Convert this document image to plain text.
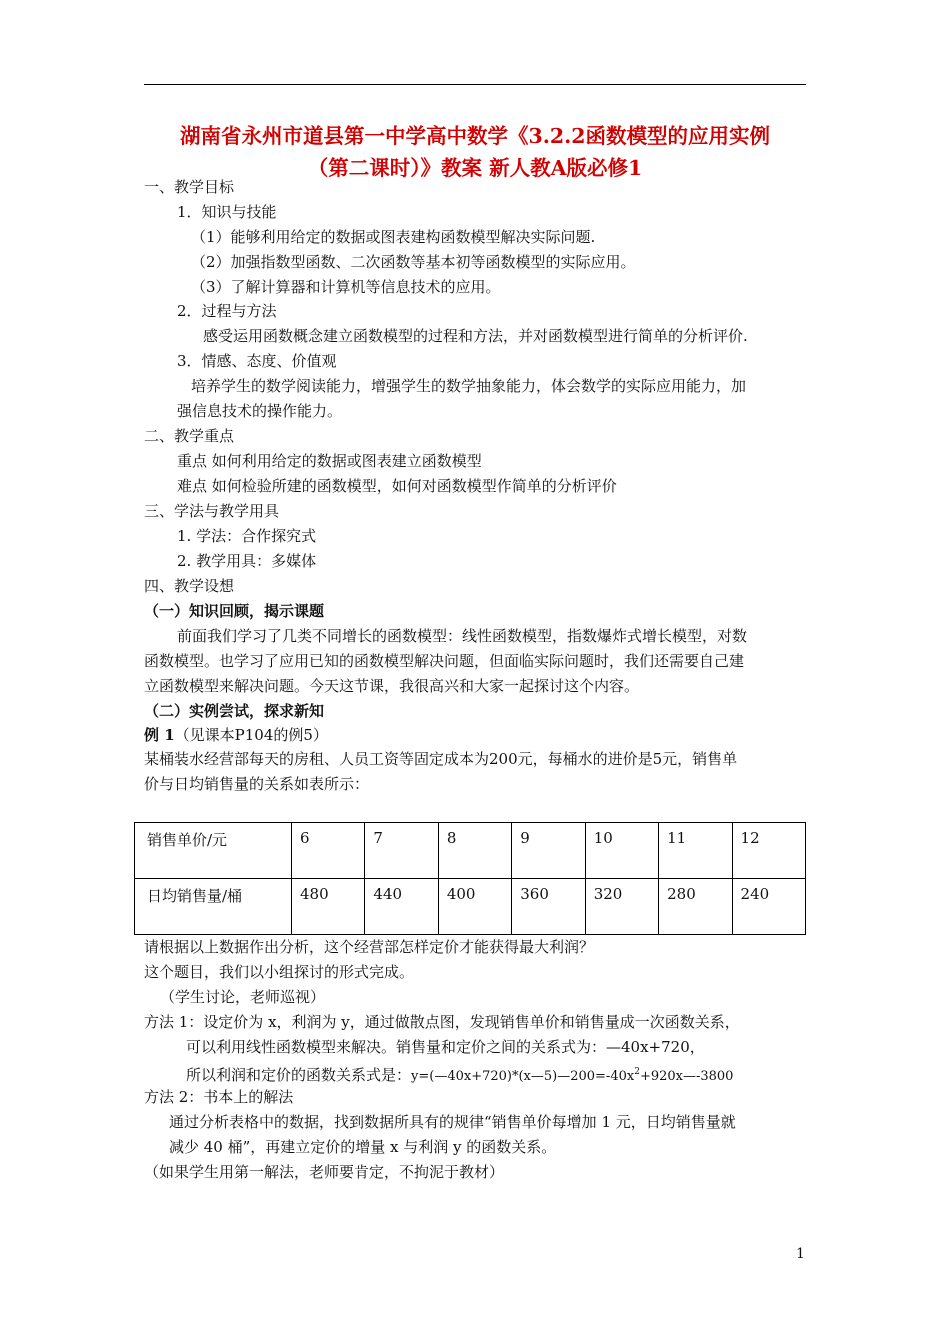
湖南省永州市道县第一中学高中数学《3.2.2函数模型的应用实例
（第二课时）》教案 新人教A版必修1
一、教学目标
1．知识与技能
（1）能够利用给定的数据或图表建构函数模型解决实际问题.
（2）加强指数型函数、二次函数等基本初等函数模型的实际应用。
（3）了解计算器和计算机等信息技术的应用。
2．过程与方法
感受运用函数概念建立函数模型的过程和方法，并对函数模型进行简单的分析评价.
3．情感、态度、价值观
培养学生的数学阅读能力，增强学生的数学抽象能力，体会数学的实际应用能力，加
强信息技术的操作能力。
二、教学重点
重点 如何利用给定的数据或图表建立函数模型
难点 如何检验所建的函数模型，如何对函数模型作简单的分析评价
三、学法与教学用具
1. 学法：合作探究式
2. 教学用具：多媒体
四、教学设想
（一）知识回顾，揭示课题
前面我们学习了几类不同增长的函数模型：线性函数模型，指数爆炸式增长模型，对数
函数模型。也学习了应用已知的函数模型解决问题，但面临实际问题时，我们还需要自己建
立函数模型来解决问题。今天这节课，我很高兴和大家一起探讨这个内容。
（二）实例尝试，探求新知
例 1（见课本P104的例5）
某桶装水经营部每天的房租、人员工资等固定成本为200元，每桶水的进价是5元，销售单
价与日均销售量的关系如表所示：
销售单价/元	6	7	8	9	10	11	12
日均销售量/桶	480	440	400	360	320	280	240
请根据以上数据作出分析，这个经营部怎样定价才能获得最大利润？
这个题目，我们以小组探讨的形式完成。
（学生讨论，老师巡视）
方法 1：设定价为 x，利润为 y，通过做散点图，发现销售单价和销售量成一次函数关系，
可以利用线性函数模型来解决。销售量和定价之间的关系式为：—40x+720，
所以利润和定价的函数关系式是：$y=(—40x+720)*(x—5)—200=-40x^2+920x—-3800$
方法 2：书本上的解法
通过分析表格中的数据，找到数据所具有的规律“销售单价每增加 1 元，日均销售量就
减少 40 桶”，再建立定价的增量 x 与利润 y 的函数关系。
（如果学生用第一解法，老师要肯定，不拘泥于教材）
1
